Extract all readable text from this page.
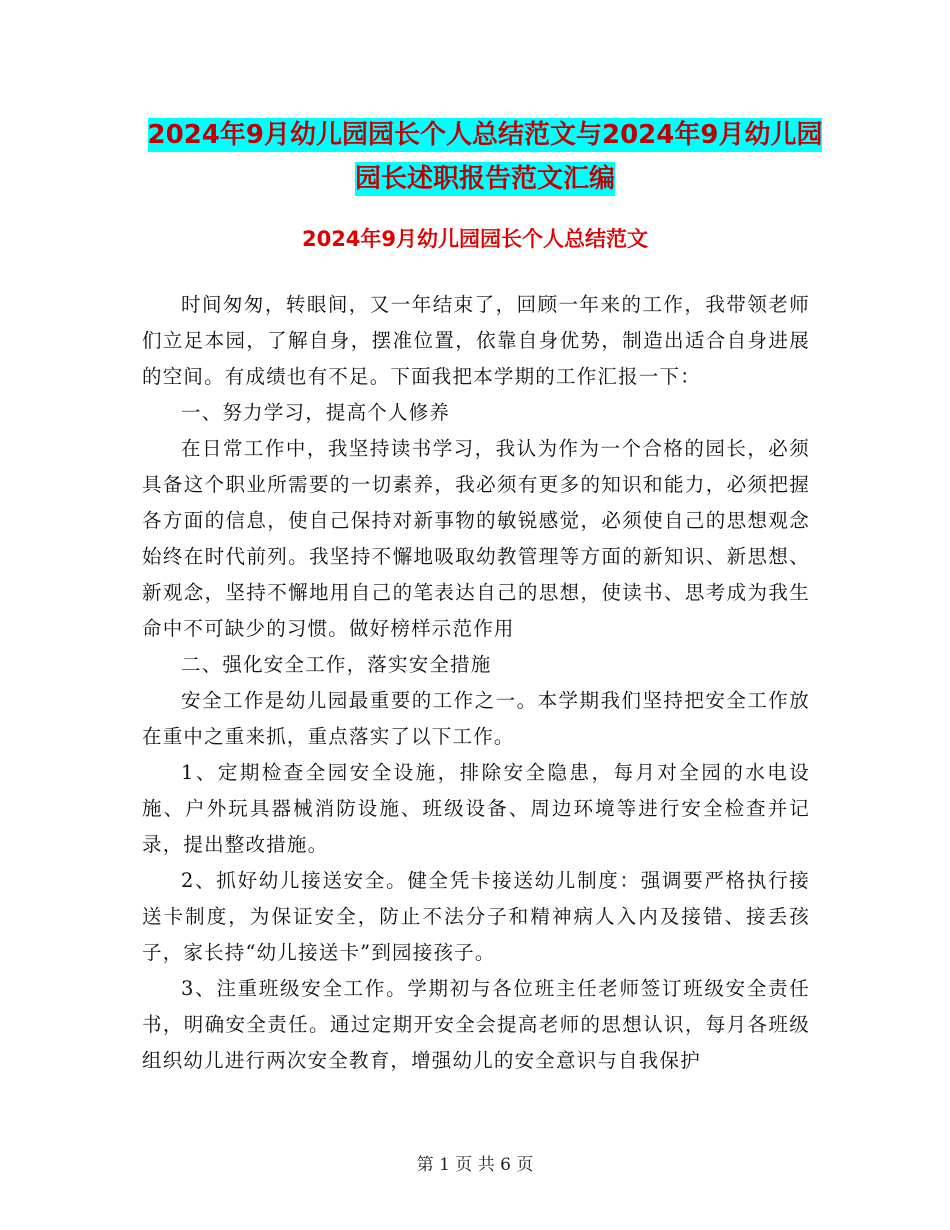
2024年9月幼儿园园长个人总结范文与2024年9月幼儿园园长述职报告范文汇编
2024年9月幼儿园园长个人总结范文

时间匆匆，转眼间，又一年结束了，回顾一年来的工作，我带领老师们立足本园，了解自身，摆准位置，依靠自身优势，制造出适合自身进展的空间。有成绩也有不足。下面我把本学期的工作汇报一下：

一、努力学习，提高个人修养

在日常工作中，我坚持读书学习，我认为作为一个合格的园长，必须具备这个职业所需要的一切素养，我必须有更多的知识和能力，必须把握各方面的信息，使自己保持对新事物的敏锐感觉，必须使自己的思想观念始终在时代前列。我坚持不懈地吸取幼教管理等方面的新知识、新思想、新观念，坚持不懈地用自己的笔表达自己的思想，使读书、思考成为我生命中不可缺少的习惯。做好榜样示范作用

二、强化安全工作，落实安全措施

安全工作是幼儿园最重要的工作之一。本学期我们坚持把安全工作放在重中之重来抓，重点落实了以下工作。

1、定期检查全园安全设施，排除安全隐患，每月对全园的水电设施、户外玩具器械消防设施、班级设备、周边环境等进行安全检查并记录，提出整改措施。

2、抓好幼儿接送安全。健全凭卡接送幼儿制度：强调要严格执行接送卡制度，为保证安全，防止不法分子和精神病人入内及接错、接丢孩子，家长持“幼儿接送卡”到园接孩子。

3、注重班级安全工作。学期初与各位班主任老师签订班级安全责任书，明确安全责任。通过定期开安全会提高老师的思想认识，每月各班级组织幼儿进行两次安全教育，增强幼儿的安全意识与自我保护

第 1 页 共 6 页
